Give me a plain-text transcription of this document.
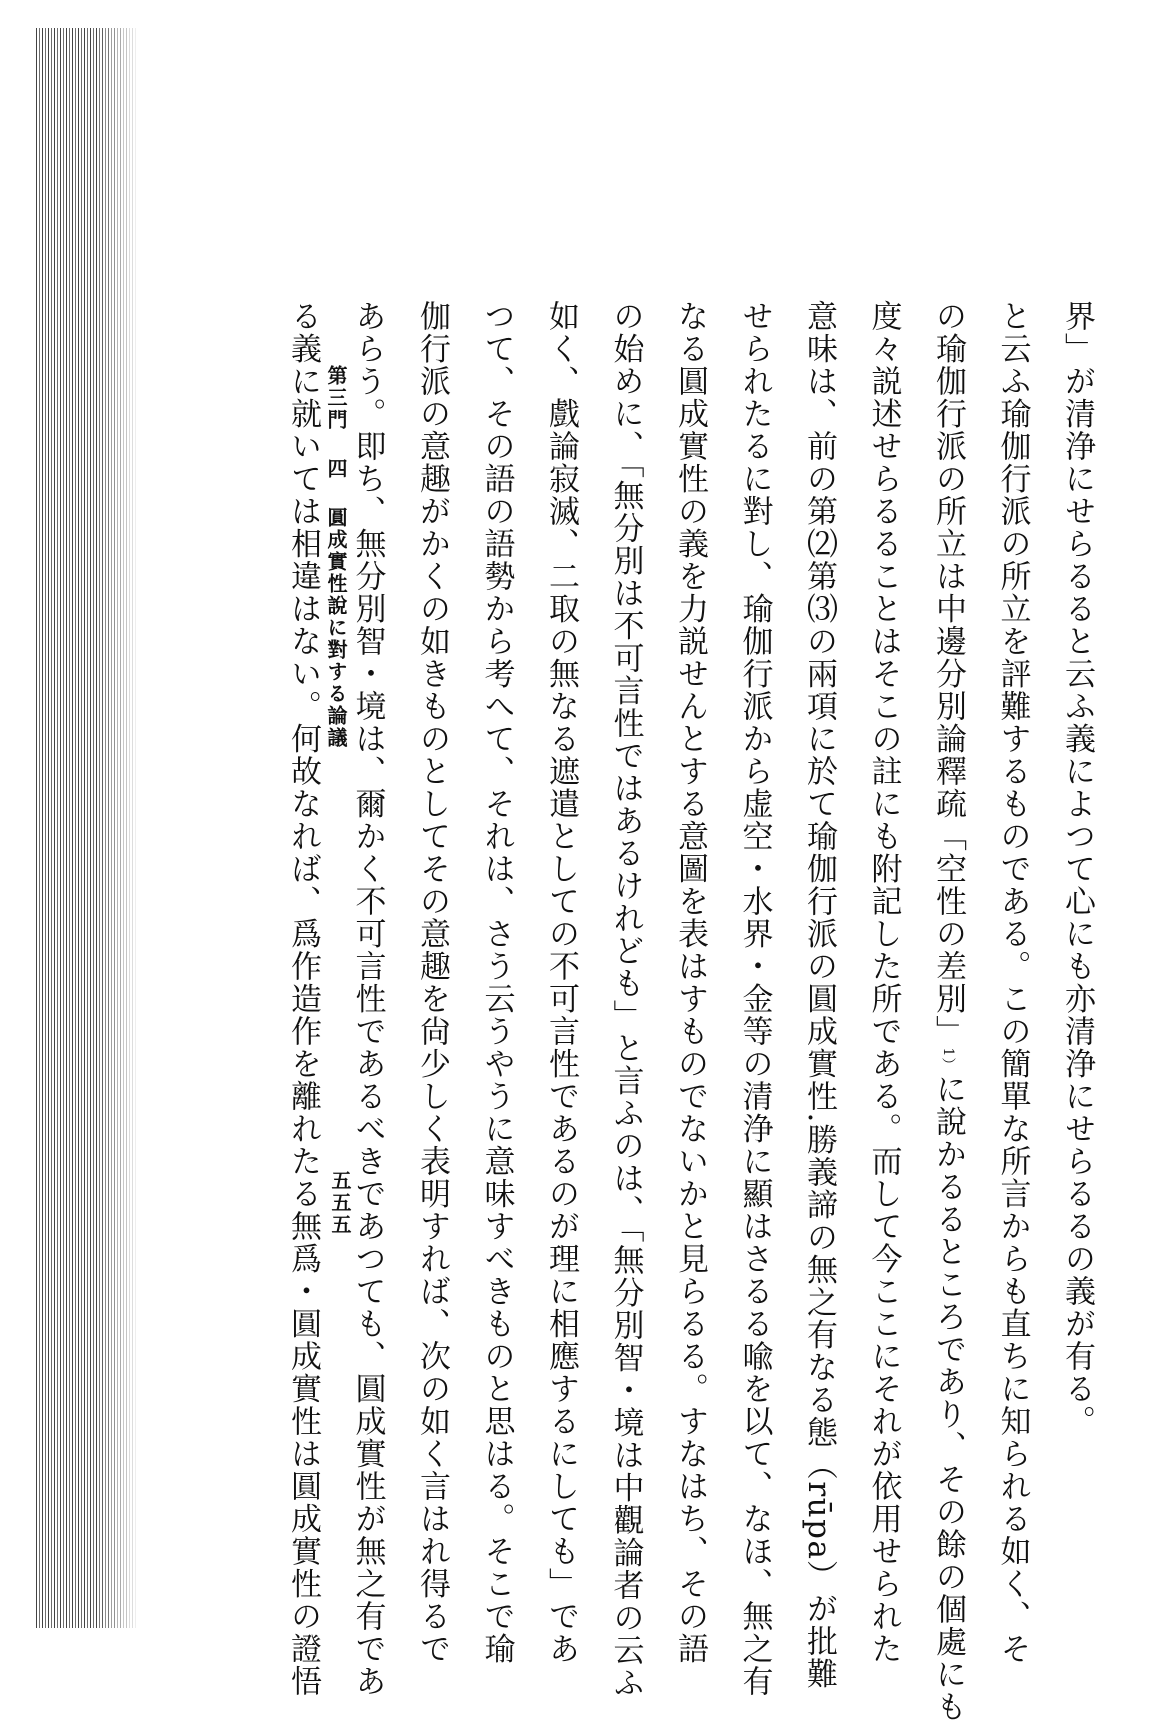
界」が清浄にせらるると云ふ義によつて心にも亦清浄にせらるるの義が有る。
と云ふ瑜伽行派の所立を評難するものである。この簡單な所言からも直ちに知られる如く、そ
の瑜伽行派の所立は中邊分別論釋疏「空性の差別」1）に說かるるところであり、その餘の個處にも
度々説述せらるることはそこの註にも附記した所である。而して今ここにそれが依用せられた
意味は、前の第⑵第⑶の兩項に於て瑜伽行派の圓成實性.勝義諦の無之有なる態（rūpa）が批難
せられたるに對し、瑜伽行派から虚空・水界・金等の清浄に顯はさるる喩を以て、なほ、無之有
なる圓成實性の義を力説せんとする意圖を表はすものでないかと見らるる。すなはち、その語
の始めに、「無分別は不可言性ではあるけれども」と言ふのは、「無分別智・境は中觀論者の云ふ
如く、戲論寂滅、二取の無なる遮遣としての不可言性であるのが理に相應するにしても」であ
つて、その語の語勢から考へて、それは、さう云うやうに意味すべきものと思はる。そこで瑜
伽行派の意趣がかくの如きものとしてその意趣を尙少しく表明すれば、次の如く言はれ得るで
あらう。即ち、無分別智・境は、爾かく不可言性であるべきであつても、圓成實性が無之有であ
る義に就いては相違はない。何故なれば、爲作造作を離れたる無爲・圓成實性は圓成實性の證悟 第三門 四 圓成實性說に對する論議
五五五
